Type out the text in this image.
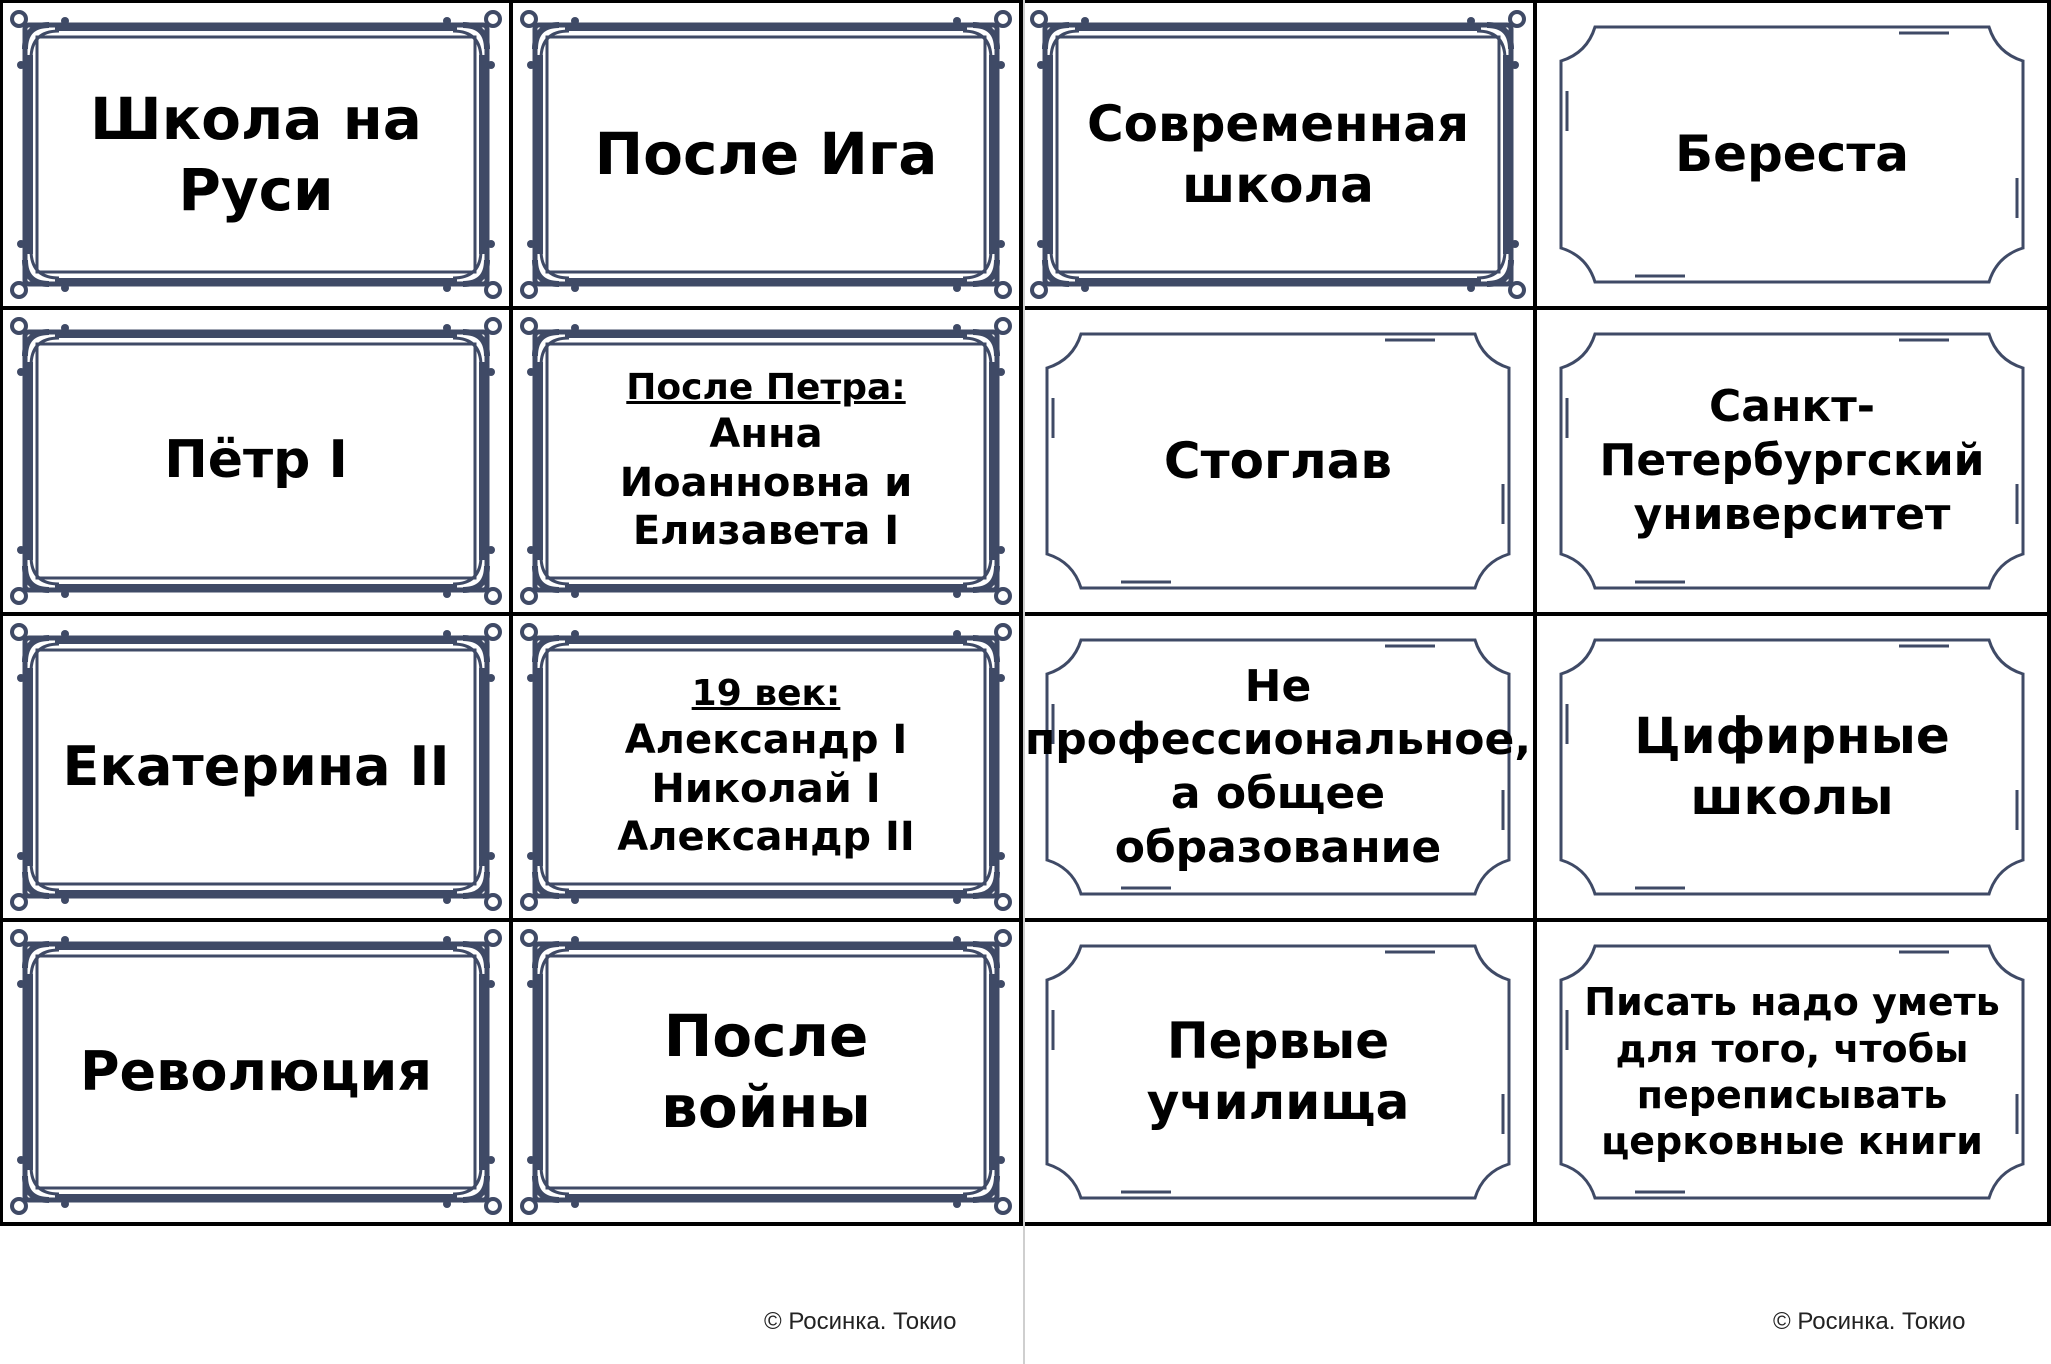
Школа на
Руси
После Ига	Современная
школа
Береста
Пётр I
После Петра:
Анна
Иоанновна и
Елизавета I
Стоглав
Санкт-
Петербургский
университет
Екатерина II
19 век:
Александр I
Николай I
Александр II
Не
профессиональное,
а общее
образование
Цифирные
школы
Революция
После
войны
Первые
училища
Писать надо уметь
для того, чтобы
переписывать
церковные книги
© Росинка. Токио	© Росинка. Токио
